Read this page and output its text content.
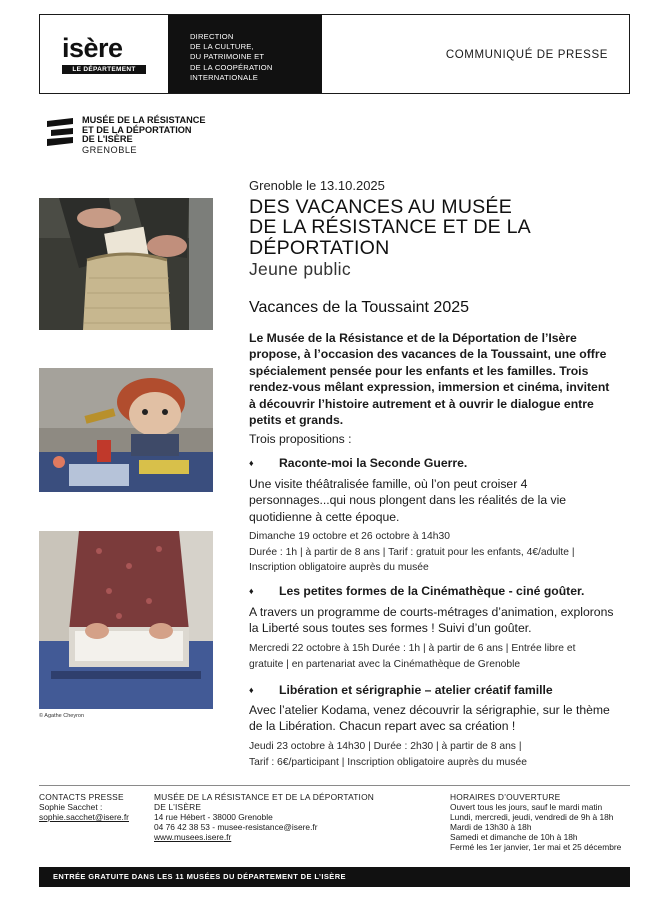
isère
LE DÉPARTEMENT
DIRECTION
DE LA CULTURE,
DU PATRIMOINE ET
DE LA COOPÉRATION
INTERNATIONALE
COMMUNIQUÉ DE PRESSE
MUSÉE DE LA RÉSISTANCE
ET DE LA DÉPORTATION
DE L'ISÈRE
GRENOBLE
© Agathe Cheyron
Grenoble le 13.10.2025
DES VACANCES AU MUSÉE
DE LA RÉSISTANCE ET DE LA
DÉPORTATION
Jeune public
Vacances de la Toussaint 2025
Le Musée de la Résistance et de la Déportation de l’Isère
propose, à l’occasion des vacances de la Toussaint, une offre
spécialement pensée pour les enfants et les familles. Trois
rendez-vous mêlant expression, immersion et cinéma, invitent
à découvrir l’histoire autrement et à ouvrir le dialogue entre
petits et grands.
Trois propositions :
♦ Raconte-moi la Seconde Guerre.
Une visite théâtralisée famille, où l’on peut croiser 4
personnages...qui nous plongent dans les réalités de la vie
quotidienne à cette époque.
Dimanche 19 octobre et 26 octobre à 14h30
Durée : 1h | à partir de 8 ans | Tarif : gratuit pour les enfants, 4€/adulte |
Inscription obligatoire auprès du musée
♦ Les petites formes de la Cinémathèque - ciné goûter.
A travers un programme de courts-métrages d’animation, explorons
la Liberté sous toutes ses formes ! Suivi d’un goûter.
Mercredi 22 octobre à 15h Durée : 1h | à partir de 6 ans | Entrée libre et
gratuite | en partenariat avec la Cinémathèque de Grenoble
♦ Libération et sérigraphie – atelier créatif famille
Avec l’atelier Kodama, venez découvrir la sérigraphie, sur le thème
de la Libération. Chacun repart avec sa création !
Jeudi 23 octobre à 14h30 | Durée : 2h30 | à partir de 8 ans |
Tarif : 6€/participant | Inscription obligatoire auprès du musée
CONTACTS PRESSE
Sophie Sacchet :
sophie.sacchet@isere.fr
MUSÉE DE LA RÉSISTANCE ET DE LA DÉPORTATION
DE L’ISÈRE
14 rue Hébert - 38000 Grenoble
04 76 42 38 53 - musee-resistance@isere.fr
www.musees.isere.fr
HORAIRES D’OUVERTURE
Ouvert tous les jours, sauf le mardi matin
Lundi, mercredi, jeudi, vendredi de 9h à 18h
Mardi de 13h30 à 18h
Samedi et dimanche de 10h à 18h
Fermé les 1er janvier, 1er mai et 25 décembre
ENTRÉE GRATUITE DANS LES 11 MUSÉES DU DÉPARTEMENT DE L’ISÈRE
